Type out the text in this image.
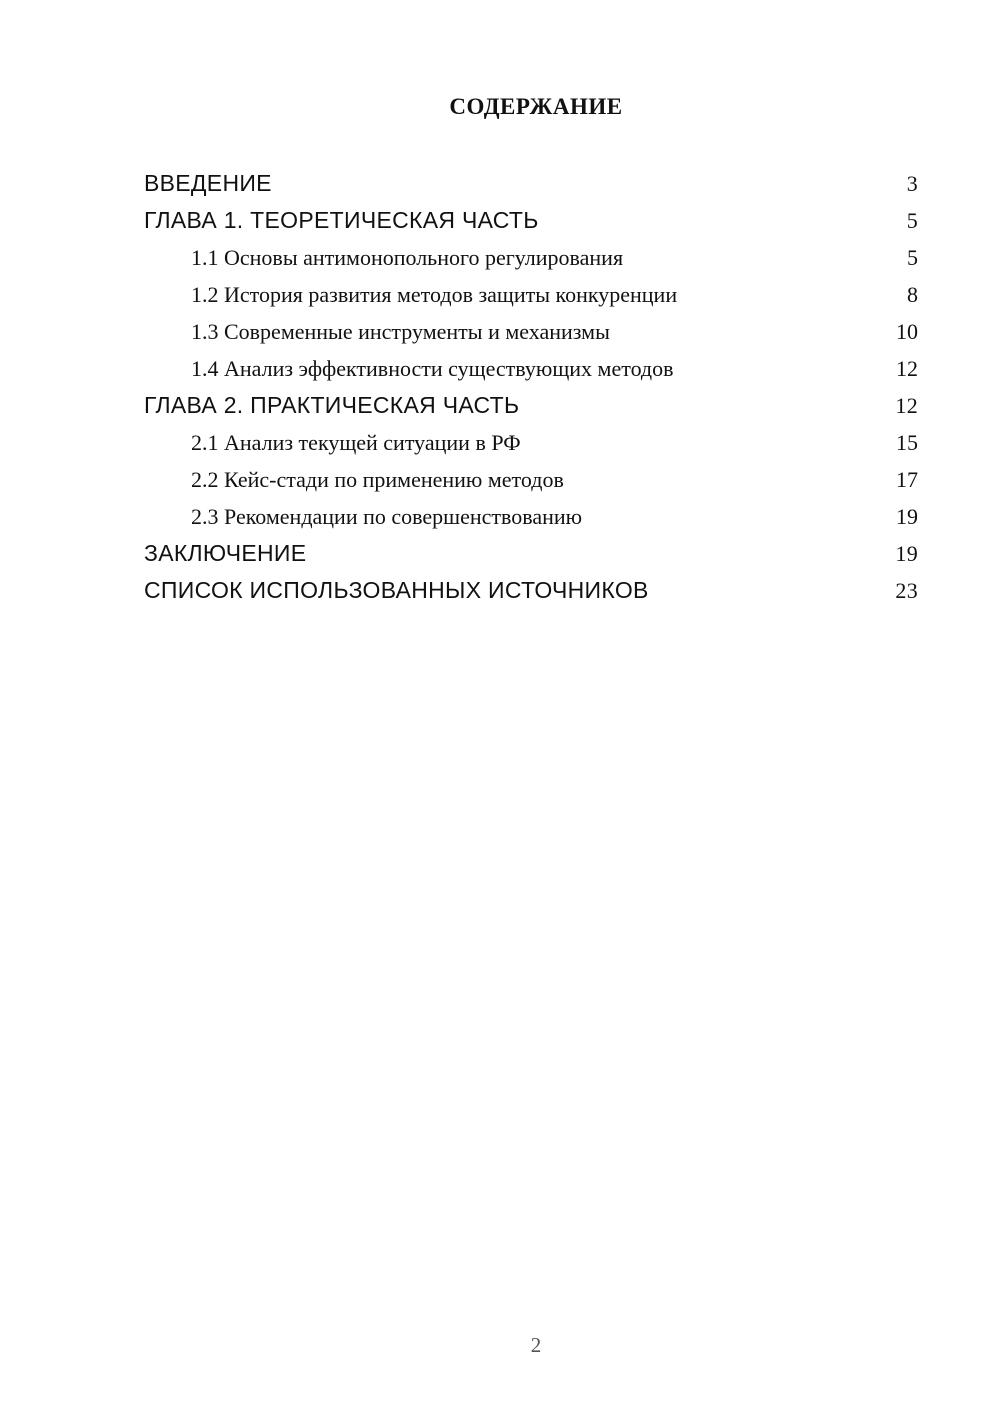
СОДЕРЖАНИЕ
ВВЕДЕНИЕ	3
ГЛАВА 1. ТЕОРЕТИЧЕСКАЯ ЧАСТЬ	5
1.1 Основы антимонопольного регулирования	5
1.2 История развития методов защиты конкуренции	8
1.3 Современные инструменты и механизмы	10
1.4 Анализ эффективности существующих методов	12
ГЛАВА 2. ПРАКТИЧЕСКАЯ ЧАСТЬ	12
2.1 Анализ текущей ситуации в РФ	15
2.2 Кейс-стади по применению методов	17
2.3 Рекомендации по совершенствованию	19
ЗАКЛЮЧЕНИЕ	19
СПИСОК ИСПОЛЬЗОВАННЫХ ИСТОЧНИКОВ	23
2
